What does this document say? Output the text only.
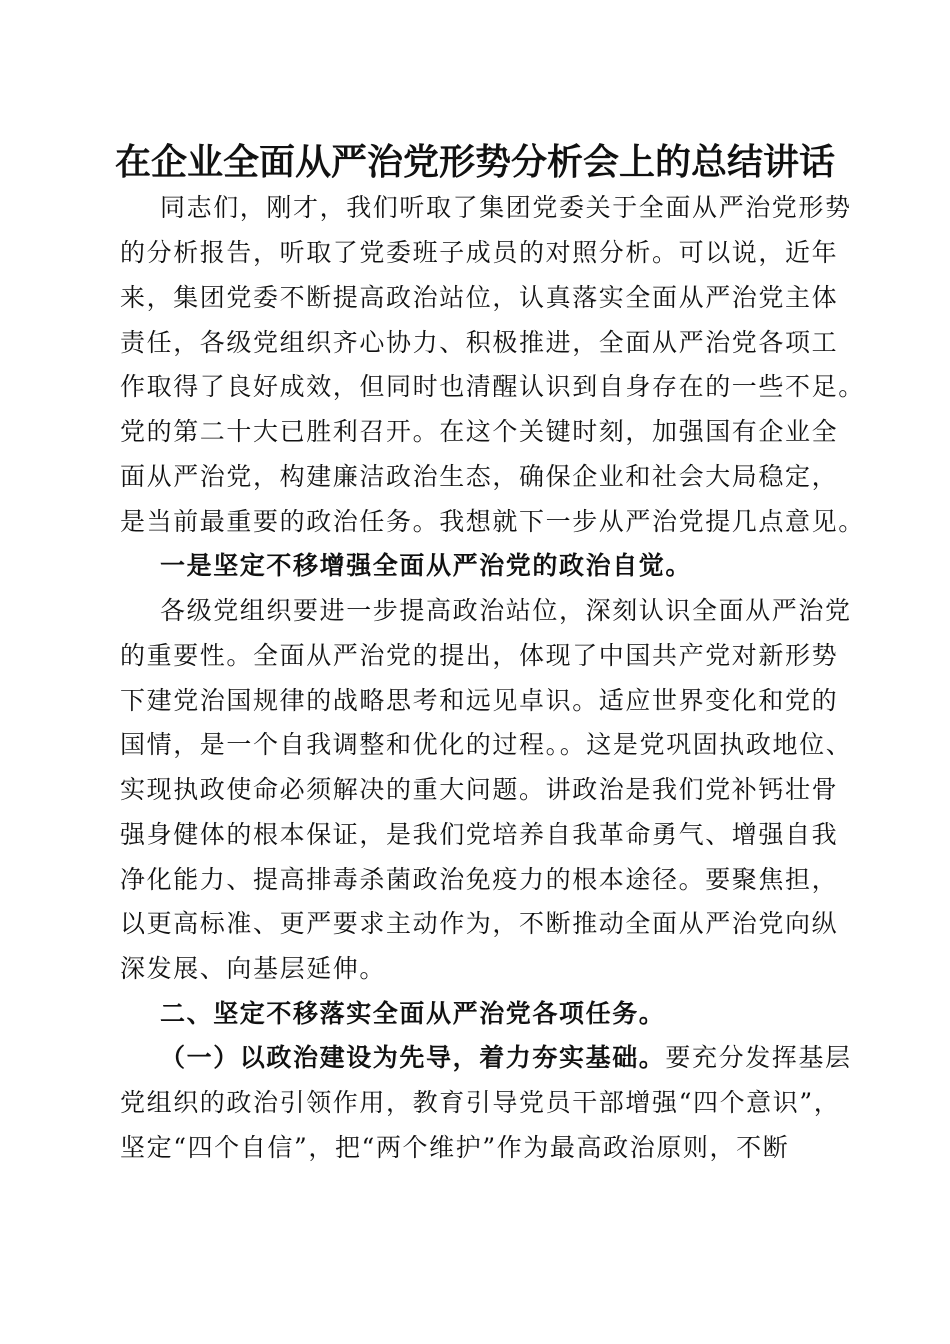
在企业全面从严治党形势分析会上的总结讲话
同志们，刚才，我们听取了集团党委关于全面从严治党形势
的分析报告，听取了党委班子成员的对照分析。可以说，近年
来，集团党委不断提高政治站位，认真落实全面从严治党主体
责任，各级党组织齐心协力、积极推进，全面从严治党各项工
作取得了良好成效，但同时也清醒认识到自身存在的一些不足。
党的第二十大已胜利召开。在这个关键时刻，加强国有企业全
面从严治党，构建廉洁政治生态，确保企业和社会大局稳定，
是当前最重要的政治任务。我想就下一步从严治党提几点意见。
一是坚定不移增强全面从严治党的政治自觉。
各级党组织要进一步提高政治站位，深刻认识全面从严治党
的重要性。全面从严治党的提出，体现了中国共产党对新形势
下建党治国规律的战略思考和远见卓识。适应世界变化和党的
国情，是一个自我调整和优化的过程。。这是党巩固执政地位、
实现执政使命必须解决的重大问题。讲政治是我们党补钙壮骨
强身健体的根本保证，是我们党培养自我革命勇气、增强自我
净化能力、提高排毒杀菌政治免疫力的根本途径。要聚焦担，
以更高标准、更严要求主动作为，不断推动全面从严治党向纵
深发展、向基层延伸。
二、坚定不移落实全面从严治党各项任务。
（一）以政治建设为先导，着力夯实基础。要充分发挥基层
党组织的政治引领作用，教育引导党员干部增强“四个意识”，
坚定“四个自信”，把“两个维护”作为最高政治原则，不断
